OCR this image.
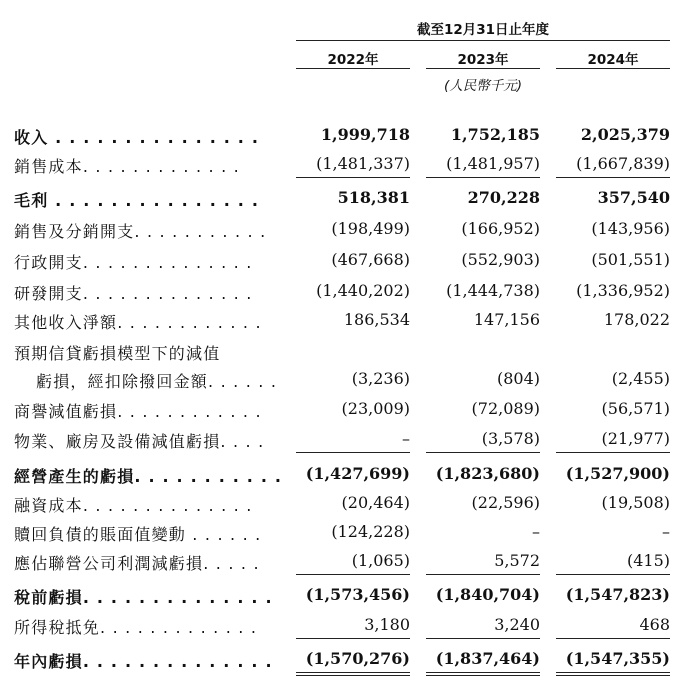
截至12月31日止年度
2022年	2023年	2024年
(人民幣千元)
收入 . . . . . . . . . . . . . . .	1,999,718	1,752,185	2,025,379
銷售成本. . . . . . . . . . . . .	(1,481,337)	(1,481,957)	(1,667,839)
毛利 . . . . . . . . . . . . . . .	518,381	270,228	357,540
銷售及分銷開支. . . . . . . . . . .	(198,499)	(166,952)	(143,956)
行政開支. . . . . . . . . . . . . .	(467,668)	(552,903)	(501,551)
研發開支. . . . . . . . . . . . . .	(1,440,202)	(1,444,738)	(1,336,952)
其他收入淨額. . . . . . . . . . . .	186,534	147,156	178,022
預期信貸虧損模型下的減值
虧損，經扣除撥回金額. . . . . .	(3,236)	(804)	(2,455)
商譽減值虧損. . . . . . . . . . . .	(23,009)	(72,089)	(56,571)
物業、廠房及設備減值虧損. . . .	–	(3,578)	(21,977)
經營產生的虧損. . . . . . . . . . .	(1,427,699)	(1,823,680)	(1,527,900)
融資成本. . . . . . . . . . . . . .	(20,464)	(22,596)	(19,508)
贖回負債的賬面值變動 . . . . . .	(124,228)	–	–
應佔聯營公司利潤減虧損. . . . .	(1,065)	5,572	(415)
稅前虧損. . . . . . . . . . . . . .	(1,573,456)	(1,840,704)	(1,547,823)
所得稅抵免. . . . . . . . . . . . .	3,180	3,240	468
年內虧損. . . . . . . . . . . . . .	(1,570,276)	(1,837,464)	(1,547,355)
